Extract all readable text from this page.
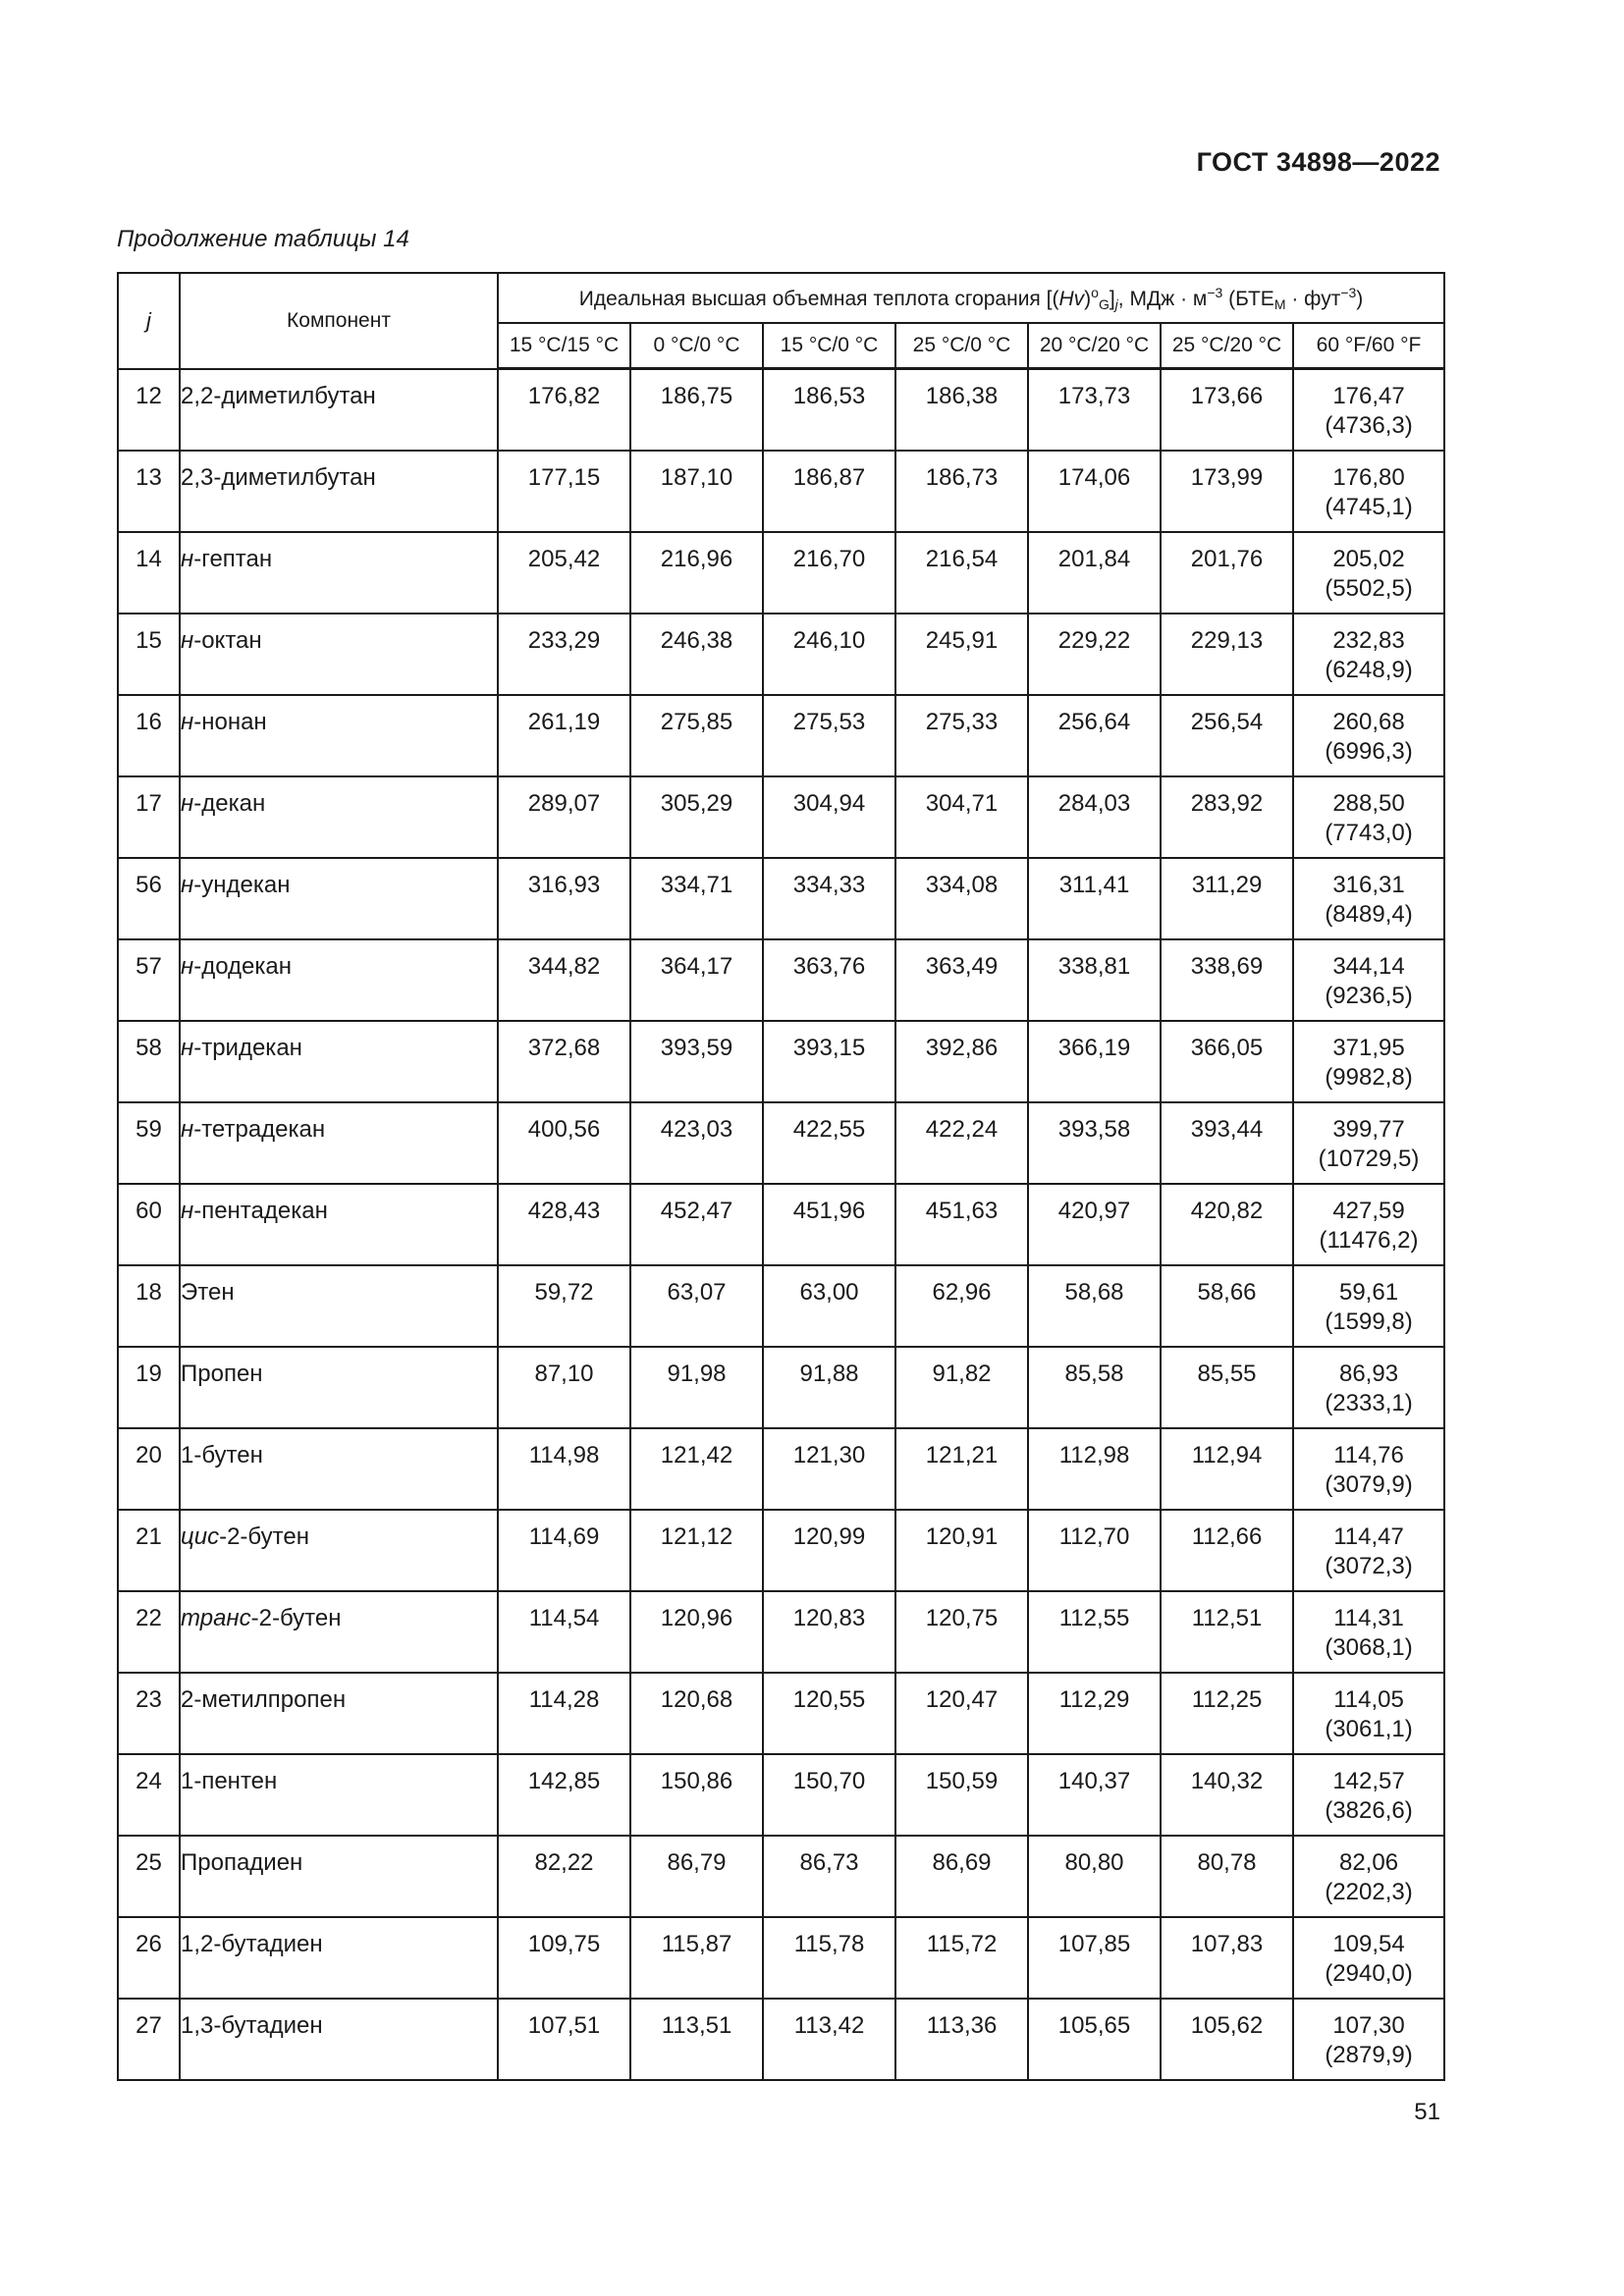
ГОСТ 34898—2022
Продолжение таблицы 14
j	Компонент	Идеальная высшая объемная теплота сгорания $[(Hv)^o_G]_j$, МДж · $м^{-3}$ $(БТЕ_M \cdot фут^{-3})$						
		15 °C/15 °C	0 °C/0 °C	15 °C/0 °C	25 °C/0 °C	20 °C/20 °C	25 °C/20 °C	60 °F/60 °F
12	2,2-диметилбутан	176,82	186,75	186,53	186,38	173,73	173,66	176,47
(4736,3)
13	2,3-диметилбутан	177,15	187,10	186,87	186,73	174,06	173,99	176,80
(4745,1)
14	н-гептан	205,42	216,96	216,70	216,54	201,84	201,76	205,02
(5502,5)
15	н-октан	233,29	246,38	246,10	245,91	229,22	229,13	232,83
(6248,9)
16	н-нонан	261,19	275,85	275,53	275,33	256,64	256,54	260,68
(6996,3)
17	н-декан	289,07	305,29	304,94	304,71	284,03	283,92	288,50
(7743,0)
56	н-ундекан	316,93	334,71	334,33	334,08	311,41	311,29	316,31
(8489,4)
57	н-додекан	344,82	364,17	363,76	363,49	338,81	338,69	344,14
(9236,5)
58	н-тридекан	372,68	393,59	393,15	392,86	366,19	366,05	371,95
(9982,8)
59	н-тетрадекан	400,56	423,03	422,55	422,24	393,58	393,44	399,77
(10729,5)
60	н-пентадекан	428,43	452,47	451,96	451,63	420,97	420,82	427,59
(11476,2)
18	Этен	59,72	63,07	63,00	62,96	58,68	58,66	59,61
(1599,8)
19	Пропен	87,10	91,98	91,88	91,82	85,58	85,55	86,93
(2333,1)
20	1-бутен	114,98	121,42	121,30	121,21	112,98	112,94	114,76
(3079,9)
21	цис-2-бутен	114,69	121,12	120,99	120,91	112,70	112,66	114,47
(3072,3)
22	транс-2-бутен	114,54	120,96	120,83	120,75	112,55	112,51	114,31
(3068,1)
23	2-метилпропен	114,28	120,68	120,55	120,47	112,29	112,25	114,05
(3061,1)
24	1-пентен	142,85	150,86	150,70	150,59	140,37	140,32	142,57
(3826,6)
25	Пропадиен	82,22	86,79	86,73	86,69	80,80	80,78	82,06
(2202,3)
26	1,2-бутадиен	109,75	115,87	115,78	115,72	107,85	107,83	109,54
(2940,0)
27	1,3-бутадиен	107,51	113,51	113,42	113,36	105,65	105,62	107,30
(2879,9)
51
